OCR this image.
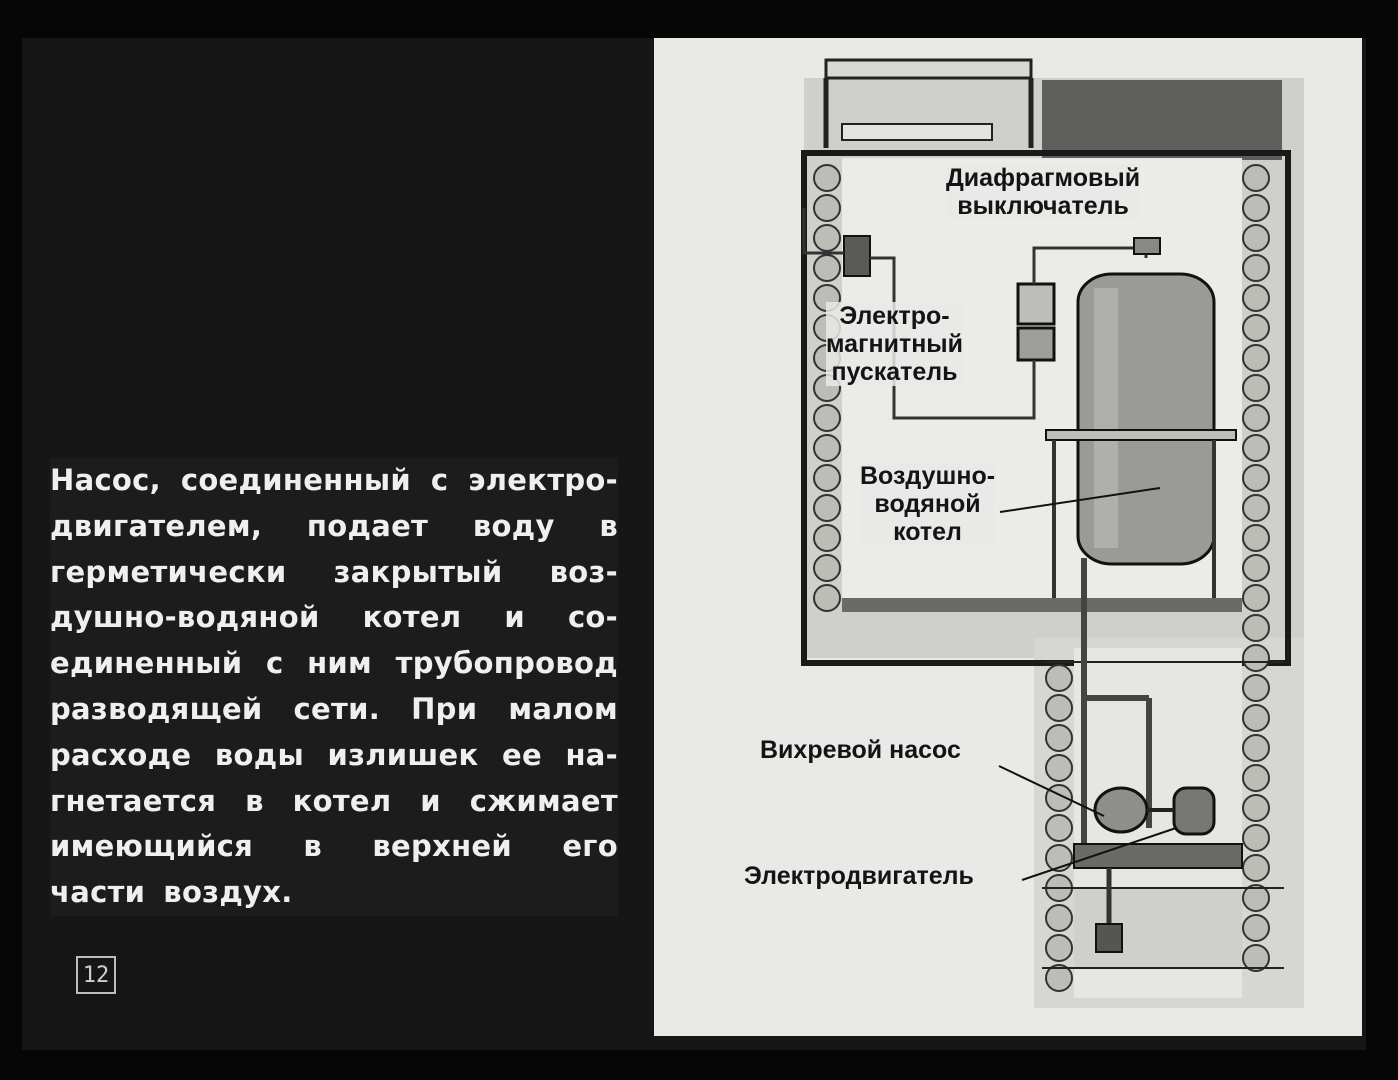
Насос, соединенный с электро-
двигателем, подает воду в
герметически закрытый воз-
душно-водяной котел и со-
единенный с ним трубопровод
разводящей сети. При малом
расходе воды излишек ее на-
гнетается в котел и сжимает
имеющийся в верхней его
части воздух.
12
Диафрагмовый
выключатель
Электро-
магнитный
пускатель
Воздушно-
водяной
котел
Вихревой насос
Электродвигатель
